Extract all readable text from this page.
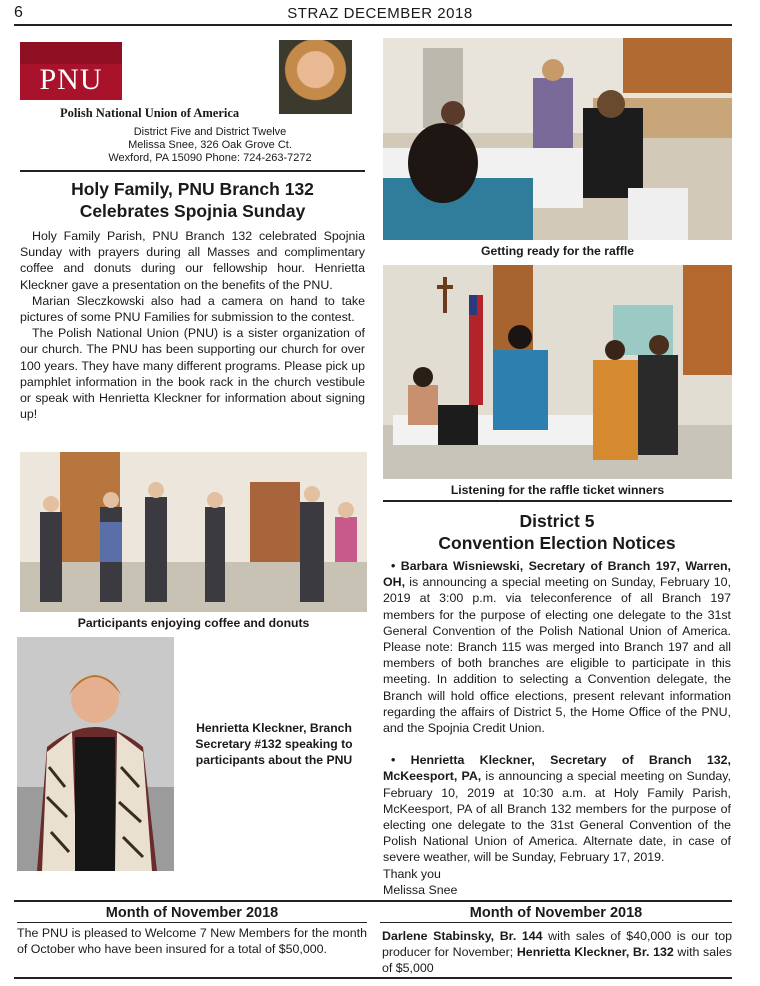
6	STRAZ DECEMBER 2018
PNU
Polish National Union of America
District Five and District Twelve
Melissa Snee, 326 Oak Grove Ct.
Wexford, PA 15090 Phone: 724-263-7272
Holy Family, PNU Branch 132
Celebrates Spojnia Sunday

Holy Family Parish, PNU Branch 132 celebrated Spojnia Sunday with prayers during all Masses and complimentary coffee and donuts during our fellowship hour. Henrietta Kleckner gave a presentation on the benefits of the PNU.

Marian Sleczkowski also had a camera on hand to take pictures of some PNU Families for submission to the contest.

The Polish National Union (PNU) is a sister organization of our church. The PNU has been supporting our church for over 100 years. They have many different programs. Please pick up pamphlet information in the book rack in the church vestibule or speak with Henrietta Kleckner for information about signing up!

Participants enjoying coffee and donuts
Henrietta Kleckner, Branch Secretary #132 speaking to participants about the PNU
Getting ready for the raffle
Listening for the raffle ticket winners
District 5
Convention Election Notices

• Barbara Wisniewski, Secretary of Branch 197, Warren, OH, is announcing a special meeting on Sunday, February 10, 2019 at 3:00 p.m. via teleconference of all Branch 197 members for the purpose of electing one delegate to the 31st General Convention of the Polish National Union of America. Please note: Branch 115 was merged into Branch 197 and all members of both branches are eligible to participate in this meeting. In addition to selecting a Convention delegate, the Branch will hold office elections, present relevant information regarding the affairs of District 5, the Home Office of the PNU, and the Spojnia Credit Union.

• Henrietta Kleckner, Secretary of Branch 132, McKeesport, PA, is announcing a special meeting on Sunday, February 10, 2019 at 10:30 a.m. at Holy Family Parish, McKeesport, PA of all Branch 132 members for the purpose of electing one delegate to the 31st General Convention of the Polish National Union of America. Alternate date, in case of severe weather, will be Sunday, February 17, 2019.

Thank you
Melissa Snee
Month of November 2018	Month of November 2018
The PNU is pleased to Welcome 7 New Members for the month of October who have been insured for a total of $50,000.
Darlene Stabinsky, Br. 144 with sales of $40,000 is our top producer for November; Henrietta Kleckner, Br. 132 with sales of $5,000
